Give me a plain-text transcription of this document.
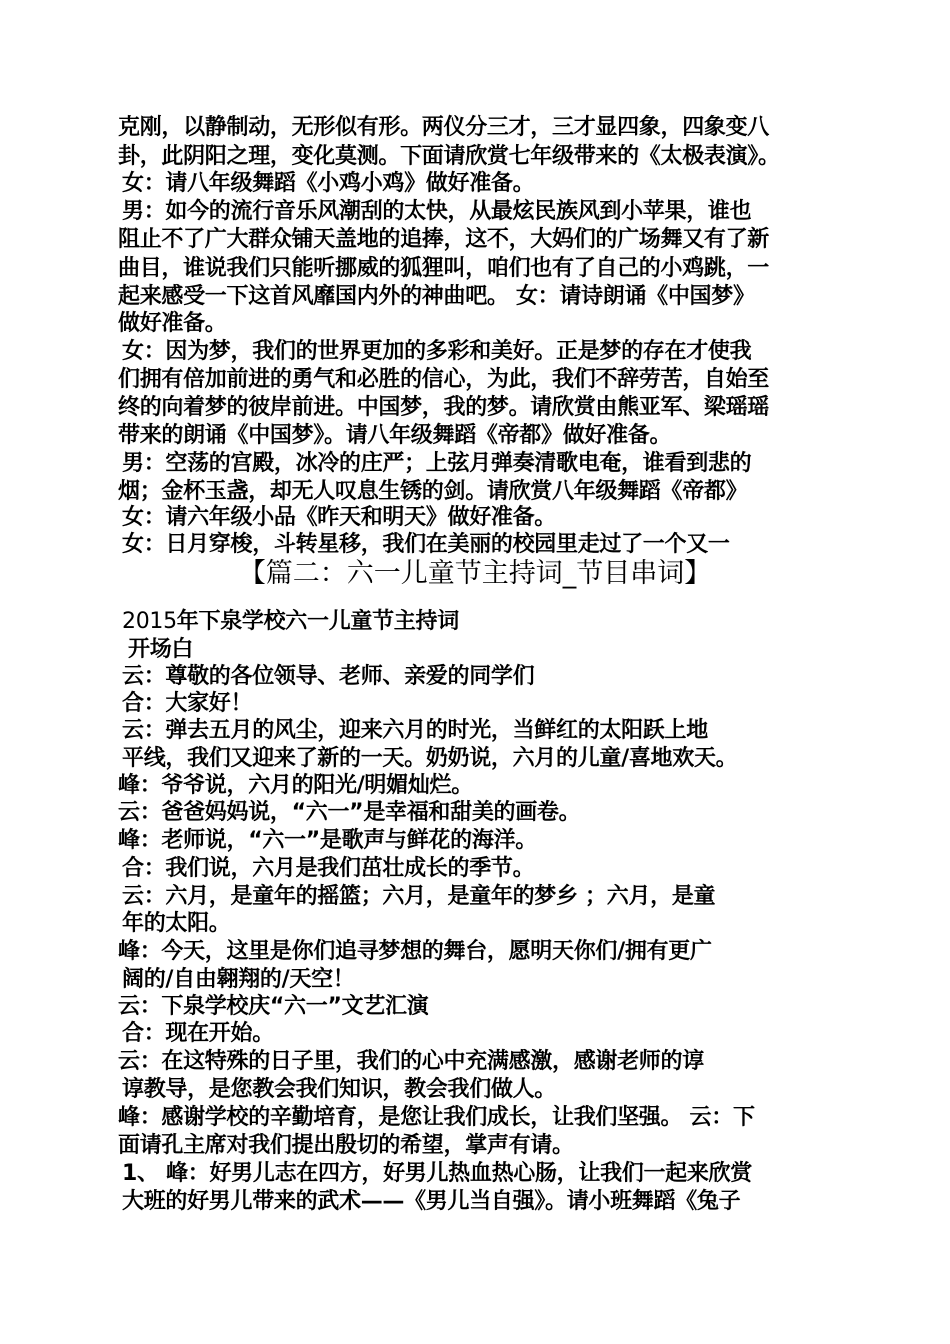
克刚，以静制动，无形似有形。两仪分三才，三才显四象，四象变八
卦，此阴阳之理，变化莫测。下面请欣赏七年级带来的《太极表演》。
女：请八年级舞蹈《小鸡小鸡》做好准备。
男：如今的流行音乐风潮刮的太快，从最炫民族风到小苹果，谁也
阻止不了广大群众铺天盖地的追捧，这不，大妈们的广场舞又有了新
曲目，谁说我们只能听挪威的狐狸叫，咱们也有了自己的小鸡跳，一
起来感受一下这首风靡国内外的神曲吧。 女：请诗朗诵《中国梦》
做好准备。
女：因为梦，我们的世界更加的多彩和美好。正是梦的存在才使我
们拥有倍加前进的勇气和必胜的信心，为此，我们不辞劳苦，自始至
终的向着梦的彼岸前进。中国梦，我的梦。请欣赏由熊亚军、梁瑶瑶
带来的朗诵《中国梦》。请八年级舞蹈《帝都》做好准备。
男：空荡的宫殿，冰冷的庄严；上弦月弹奏清歌电奄，谁看到悲的
烟；金杯玉盏，却无人叹息生锈的剑。请欣赏八年级舞蹈《帝都》
女：请六年级小品《昨天和明天》做好准备。
女：日月穿梭，斗转星移，我们在美丽的校园里走过了一个又一
【篇二：六一儿童节主持词_节目串词】
2015年下泉学校六一儿童节主持词
开场白
云：尊敬的各位领导、老师、亲爱的同学们
合：大家好！
云：弹去五月的风尘，迎来六月的时光，当鲜红的太阳跃上地
平线，我们又迎来了新的一天。奶奶说，六月的儿童/喜地欢天。
峰：爷爷说，六月的阳光/明媚灿烂。
云：爸爸妈妈说，“六一”是幸福和甜美的画卷。
峰：老师说，“六一”是歌声与鲜花的海洋。
合：我们说，六月是我们茁壮成长的季节。
云：六月，是童年的摇篮；六月，是童年的梦乡 ；六月，是童
年的太阳。
峰：今天，这里是你们追寻梦想的舞台，愿明天你们/拥有更广
阔的/自由翱翔的/天空！
云：下泉学校庆“六一”文艺汇演
合：现在开始。
云：在这特殊的日子里，我们的心中充满感激，感谢老师的谆
谆教导，是您教会我们知识，教会我们做人。
峰：感谢学校的辛勤培育，是您让我们成长，让我们坚强。 云：下
面请孔主席对我们提出殷切的希望，掌声有请。
1、 峰：好男儿志在四方，好男儿热血热心肠，让我们一起来欣赏
大班的好男儿带来的武术——《男儿当自强》。请小班舞蹈《兔子
